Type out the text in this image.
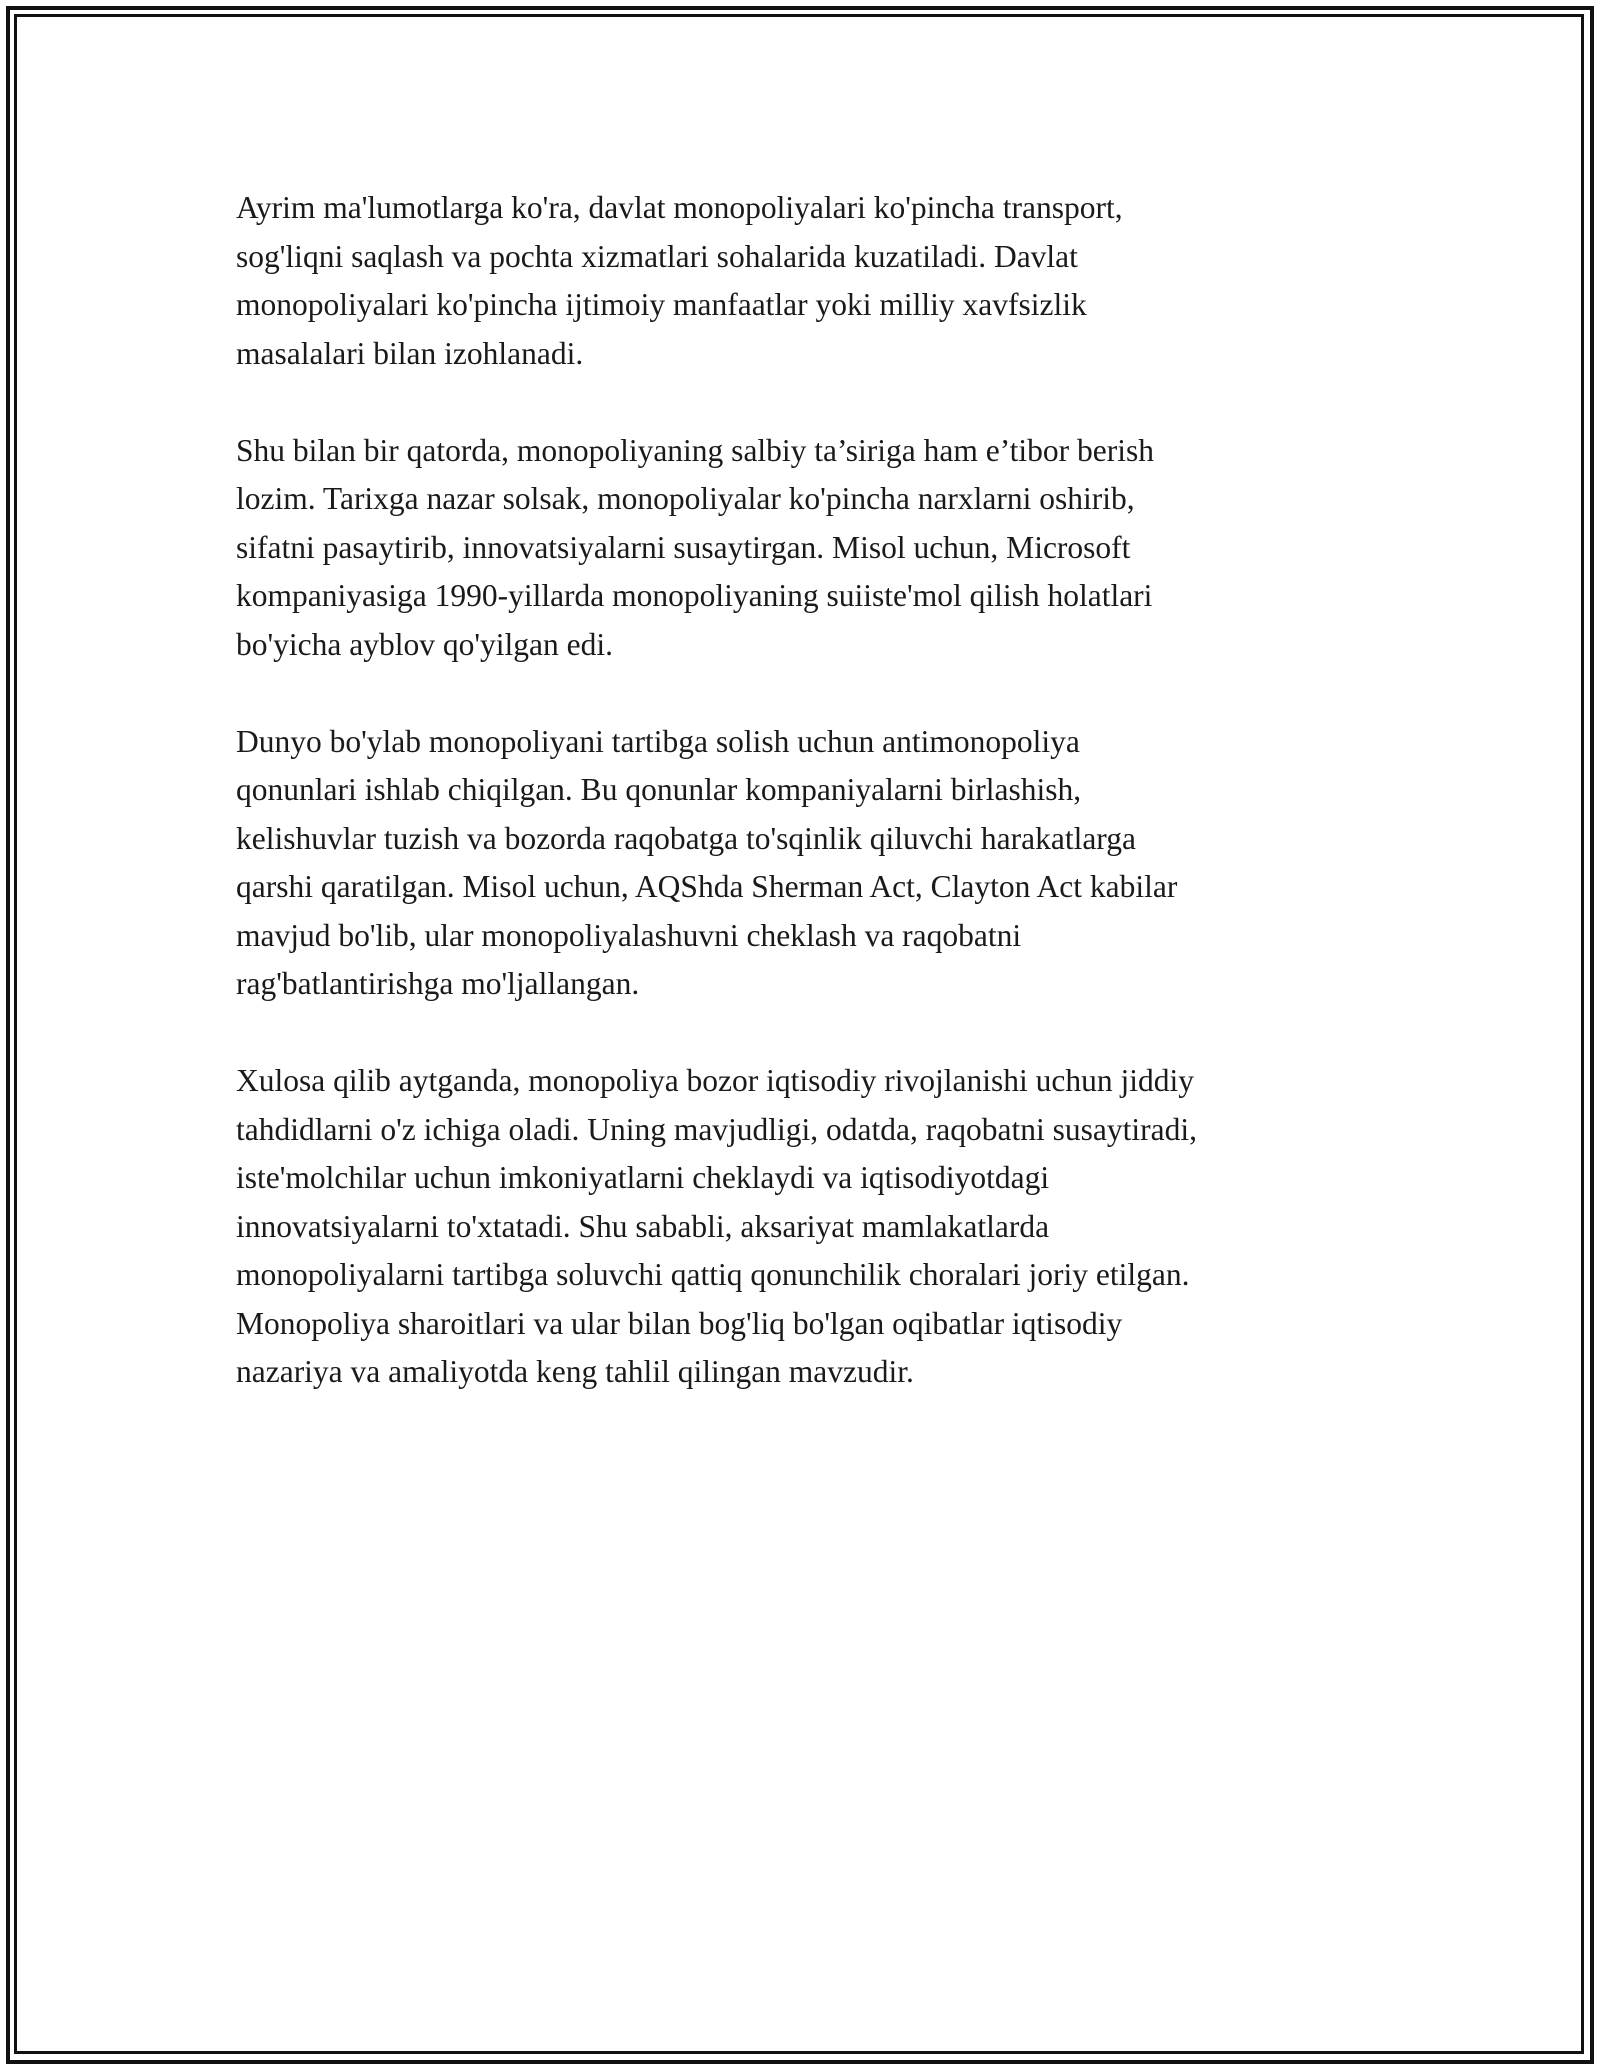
Ayrim ma'lumotlarga ko'ra, davlat monopoliyalari ko'pincha transport,
sog'liqni saqlash va pochta xizmatlari sohalarida kuzatiladi. Davlat
monopoliyalari ko'pincha ijtimoiy manfaatlar yoki milliy xavfsizlik
masalalari bilan izohlanadi.

Shu bilan bir qatorda, monopoliyaning salbiy ta’siriga ham e’tibor berish
lozim. Tarixga nazar solsak, monopoliyalar ko'pincha narxlarni oshirib,
sifatni pasaytirib, innovatsiyalarni susaytirgan. Misol uchun, Microsoft
kompaniyasiga 1990-yillarda monopoliyaning suiiste'mol qilish holatlari
bo'yicha ayblov qo'yilgan edi.

Dunyo bo'ylab monopoliyani tartibga solish uchun antimonopoliya
qonunlari ishlab chiqilgan. Bu qonunlar kompaniyalarni birlashish,
kelishuvlar tuzish va bozorda raqobatga to'sqinlik qiluvchi harakatlarga
qarshi qaratilgan. Misol uchun, AQShda Sherman Act, Clayton Act kabilar
mavjud bo'lib, ular monopoliyalashuvni cheklash va raqobatni
rag'batlantirishga mo'ljallangan.

Xulosa qilib aytganda, monopoliya bozor iqtisodiy rivojlanishi uchun jiddiy
tahdidlarni o'z ichiga oladi. Uning mavjudligi, odatda, raqobatni susaytiradi,
iste'molchilar uchun imkoniyatlarni cheklaydi va iqtisodiyotdagi
innovatsiyalarni to'xtatadi. Shu sababli, aksariyat mamlakatlarda
monopoliyalarni tartibga soluvchi qattiq qonunchilik choralari joriy etilgan.
Monopoliya sharoitlari va ular bilan bog'liq bo'lgan oqibatlar iqtisodiy
nazariya va amaliyotda keng tahlil qilingan mavzudir.
